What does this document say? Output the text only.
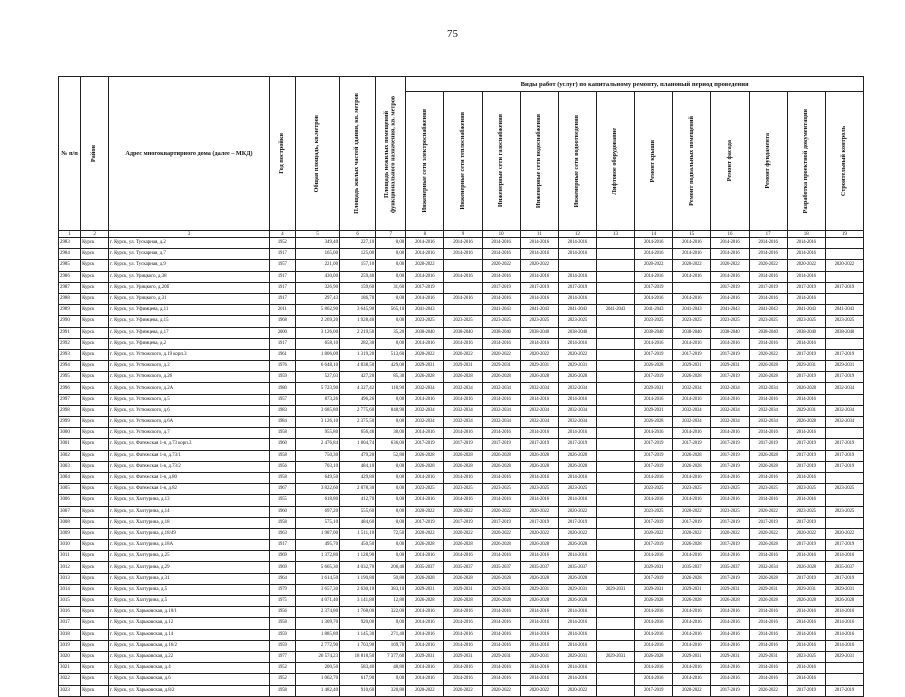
75
№ п/п	Район	Адрес многоквартирного дома (далее – МКД)	Год постройки	Общая площадь, кв.метров	Площадь жилых частей здания, кв. метров	Площадь нежилых помещений функционального назначения, кв. метров	Виды работ (услуг) по капитальному ремонту, плановый период проведения											

							Инженерные сети электроснабжения	Инженерные сети теплоснабжения	Инженерные сети газоснабжения	Инженерные сети водоснабжения	Инженерные сети водоотведения	Лифтовое оборудование	Ремонт крыши	Ремонт подвальных помещений	Ремонт фасада	Ремонт фундамента	Разработка проектной документации	Строительный контроль

1	2	3	4	5	6	7	8	9	10	11	12	13	14	15	16	17	18	19
2983	Курск	г. Курск, ул. Тускарная, д.2	1952	349,40	227,10	0,00	2014-2016	2014-2016	2014-2016	2014-2016	2014-2016		2014-2016	2014-2016	2014-2016	2014-2016	2014-2016	
2984	Курск	г. Курск, ул. Тускарная, д.7	1917	165,00	125,00	0,00	2014-2016	2014-2016	2014-2016	2014-2016	2014-2016		2014-2016	2014-2016	2014-2016	2014-2016	2014-2016	
2985	Курск	г. Курск, ул. Тускарная, д.9	1957	221,00	157,10	0,00	2020-2022		2020-2022	2020-2022			2020-2022	2020-2022	2020-2022	2020-2022	2020-2022	2020-2022
2986	Курск	г. Курск, ул. Урицкого, д.38	1917	430,00	259,40	0,00	2014-2016	2014-2016	2014-2016	2014-2016	2014-2016		2014-2016	2014-2016	2014-2016	2014-2016	2014-2016	
2987	Курск	г. Курск, ул. Урицкого, д.20б	1917	326,90	159,60	31,60	2017-2019		2017-2019	2017-2019	2017-2019		2017-2019		2017-2019	2017-2019	2017-2019	2017-2019
2988	Курск	г. Курск, ул. Урицкого, д.31	1917	297,43	186,70	0,00	2014-2016	2014-2016	2014-2016	2014-2016	2014-2016		2014-2016	2014-2016	2014-2016	2014-2016	2014-2016	
2989	Курск	г. Курск, ул. Уфимцева, д.11	2011	5 862,90	3 645,90	565,10	2041-2043		2041-2043	2041-2043	2041-2043	2041-2043	2041-2043	2041-2043	2041-2043	2041-2043	2041-2043	2041-2043
2990	Курск	г. Курск, ул. Уфимцева, д.15	1968	2 269,20	1 928,40	0,00	2023-2025	2023-2025	2023-2025	2023-2025	2023-2025		2023-2025	2023-2025	2023-2025	2023-2025	2023-2025	2023-2025
2991	Курск	г. Курск, ул. Уфимцева, д.17	2000	3 126,00	2 219,50	35,20	2038-2040	2038-2040	2038-2040	2038-2040	2038-2040		2038-2040	2038-2040	2038-2040	2038-2040	2038-2040	2038-2040
2992	Курск	г. Курск, ул. Уфимцева, д.2	1917	658,10	282,30	0,00	2014-2016	2014-2016	2014-2016	2014-2016	2014-2016		2014-2016	2014-2016	2014-2016	2014-2016	2014-2016	
2993	Курск	г. Курск, ул. Устюжского, д.19 корп.3	1961	1 806,00	1 319,20	513,60	2020-2022	2020-2022	2020-2022	2020-2022	2020-2022		2017-2019	2017-2019	2017-2019	2020-2022	2017-2019	2017-2019
2994	Курск	г. Курск, ул. Устюжского, д.2	1976	6 648,10	4 838,50	429,00	2029-2031	2029-2031	2029-2031	2029-2031	2029-2031		2026-2028	2029-2031	2029-2031	2026-2028	2029-2031	2029-2031
2995	Курск	г. Курск, ул. Устюжского, д.26	1959	527,03	427,20	85,30	2026-2028	2026-2028	2026-2028	2026-2028	2026-2028		2017-2019	2026-2028	2017-2019	2026-2028	2017-2019	2017-2019
2996	Курск	г. Курск, ул. Устюжского, д.2А	1980	5 723,90	4 327,42	118,90	2032-2034	2032-2034	2032-2034	2032-2034	2032-2034		2029-2031	2032-2034	2032-2034	2032-2034	2026-2028	2032-2034
2997	Курск	г. Курск, ул. Устюжского, д.5	1957	873,26	496,26	0,00	2014-2016	2014-2016	2014-2016	2014-2016	2014-2016		2014-2016	2014-2016	2014-2016	2014-2016	2014-2016	
2998	Курск	г. Курск, ул. Устюжского, д.6	1983	3 685,80	2 775,60	848,90	2032-2034	2032-2034	2032-2034	2032-2034	2032-2034		2029-2031	2032-2034	2032-2034	2032-2034	2029-2031	2032-2034
2999	Курск	г. Курск, ул. Устюжского, д.6А	1984	3 126,10	2 375,50	0,00	2032-2034	2032-2034	2032-2034	2032-2034	2032-2034		2026-2028	2032-2034	2032-2034	2032-2034	2026-2028	2032-2034
3000	Курск	г. Курск, ул. Устюжского, д.7	1958	955,80	656,48	38,00	2014-2016	2014-2016	2014-2016	2014-2016	2014-2016		2014-2016	2014-2016	2014-2016	2014-2016	2014-2016	
3001	Курск	г. Курск, ул. Фатежская 1-я, д.73 корп.3	1960	2 476,84	1 804,74	636,00	2017-2019	2017-2019	2017-2019	2017-2019	2017-2019		2017-2019	2017-2019	2017-2019	2017-2019	2017-2019	2017-2019
3002	Курск	г. Курск, ул. Фатежская 1-я, д.73/1	1958	750,30	479,20	52,80	2026-2028	2026-2028	2026-2028	2026-2028	2026-2028		2017-2019	2026-2028	2017-2019	2026-2028	2017-2019	2017-2019
3003	Курск	г. Курск, ул. Фатежская 1-я, д.73/2	1956	703,10	484,10	0,00	2026-2028	2026-2028	2026-2028	2026-2028	2026-2028		2017-2019	2026-2028	2017-2019	2026-2028	2017-2019	2017-2019
3004	Курск	г. Курск, ул. Фатежская 1-я, д.80	1958	649,50	429,80	0,00	2014-2016	2014-2016	2014-2016	2014-2016	2014-2016		2014-2016	2014-2016	2014-2016	2014-2016	2014-2016	
3005	Курск	г. Курск, ул. Фатежская 1-я, д.82	1967	3 822,60	2 878,30	0,00	2023-2025	2023-2025	2023-2025	2023-2025	2023-2025		2023-2025	2023-2025	2023-2025	2023-2025	2023-2025	2023-2025
3006	Курск	г. Курск, ул. Халтурина, д.13	1955	618,80	412,70	0,00	2014-2016	2014-2016	2014-2016	2014-2016	2014-2016		2014-2016	2014-2016	2014-2016	2014-2016	2014-2016	
3007	Курск	г. Курск, ул. Халтурина, д.14	1960	697,20	555,60	0,00	2020-2022	2020-2022	2020-2022	2020-2022	2020-2022		2023-2025	2020-2022	2023-2025	2020-2022	2023-2025	2023-2025
3008	Курск	г. Курск, ул. Халтурина, д.18	1958	575,10	484,60	0,00	2017-2019	2017-2019	2017-2019	2017-2019	2017-2019		2017-2019	2017-2019	2017-2019	2017-2019	2017-2019	
3009	Курск	г. Курск, ул. Халтурина, д.18/49	1963	1 987,00	1 511,10	72,50	2020-2022	2020-2022	2020-2022	2020-2022	2020-2022		2020-2022	2020-2022	2020-2022	2020-2022	2020-2022	2020-2022
3010	Курск	г. Курск, ул. Халтурина, д.18А	1917	495,70	450,50	0,00	2026-2028	2026-2028	2026-2028	2026-2028	2026-2028		2017-2019	2026-2028	2017-2019	2026-2028	2017-2019	2017-2019
3011	Курск	г. Курск, ул. Халтурина, д.25	1969	1 372,80	1 128,90	0,00	2014-2016	2014-2016	2014-2016	2014-2016	2014-2016		2014-2016	2014-2016	2014-2016	2014-2016	2014-2016	2014-2016
3012	Курск	г. Курск, ул. Халтурина, д.29	1969	5 665,30	4 032,70	206,40	2035-2037	2035-2037	2035-2037	2035-2037	2035-2037		2029-2031	2035-2037	2035-2037	2032-2034	2026-2028	2035-2037
3013	Курск	г. Курск, ул. Халтурина, д.31	1964	1 614,50	1 190,80	50,80	2026-2028	2026-2028	2026-2028	2026-2028	2026-2028		2017-2019	2026-2028	2017-2019	2026-2028	2017-2019	2017-2019
3014	Курск	г. Курск, ул. Халтурина, д.5	1979	3 657,30	2 630,10	383,10	2029-2031	2029-2031	2029-2031	2029-2031	2029-2031	2029-2031	2029-2031	2029-2031	2029-2031	2029-2031	2029-2031	2029-2031
3015	Курск	г. Курск, ул. Халтурина, д.5	1975	4 071,40	3 141,80	12,80	2026-2028	2026-2028	2026-2028	2026-2028	2026-2028		2026-2028	2026-2028	2026-2028	2026-2028	2026-2028	2026-2028
3016	Курск	г. Курск, ул. Харьковская, д.10/1	1956	2 374,80	1 768,00	322,00	2014-2016	2014-2016	2014-2016	2014-2016	2014-2016		2014-2016	2014-2016	2014-2016	2014-2016	2014-2016	2014-2016
3017	Курск	г. Курск, ул. Харьковская, д.12	1958	1 309,70	920,00	0,00	2014-2016	2014-2016	2014-2016	2014-2016	2014-2016		2014-2016	2014-2016	2014-2016	2014-2016	2014-2016	2014-2016
3018	Курск	г. Курск, ул. Харьковская, д.14	1959	1 885,80	1 145,30	271,40	2014-2016	2014-2016	2014-2016	2014-2016	2014-2016		2014-2016	2014-2016	2014-2016	2014-2016	2014-2016	2014-2016
3019	Курск	г. Курск, ул. Харьковская, д.16/2	1959	2 772,90	1 703,90	169,70	2014-2016	2014-2016	2014-2016	2014-2016	2014-2016		2014-2016	2014-2016	2014-2016	2014-2016	2014-2016	2014-2016
3020	Курск	г. Курск, ул. Харьковская, д.22	1977	26 574,23	18 818,50	7 377,60	2029-2031	2029-2031	2029-2031	2029-2031	2029-2031	2029-2031	2026-2028	2029-2031	2029-2031	2029-2031	2023-2025	2029-2031
3021	Курск	г. Курск, ул. Харьковская, д.4	1952	200,50	583,40	48,80	2014-2016	2014-2016	2014-2016	2014-2016	2014-2016		2014-2016	2014-2016	2014-2016	2014-2016	2014-2016	
3022	Курск	г. Курск, ул. Харьковская, д.6	1952	1 062,70	617,90	0,00	2014-2016	2014-2016	2014-2016	2014-2016	2014-2016		2014-2016	2014-2016	2014-2016	2014-2016	2014-2016	
3023	Курск	г. Курск, ул. Харьковская, д.8/2	1958	1 482,40	910,60	320,80	2020-2022	2020-2022	2020-2022	2020-2022	2020-2022		2017-2019	2020-2022	2017-2019	2026-2022	2017-2019	2017-2019
